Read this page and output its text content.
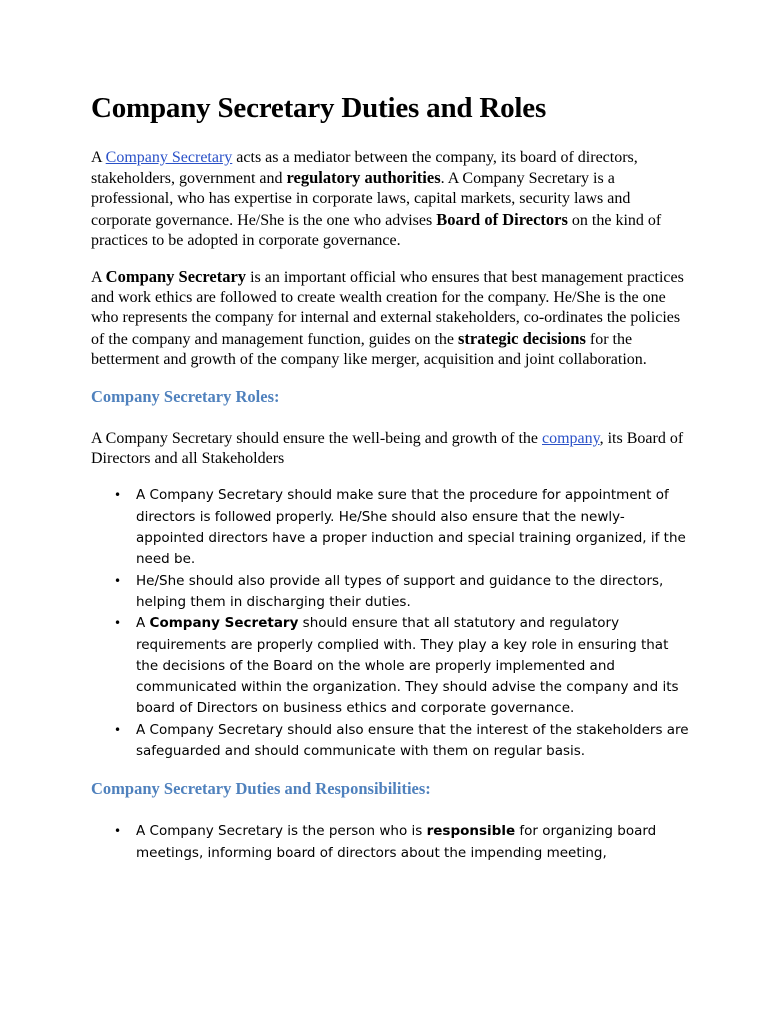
Company Secretary Duties and Roles

A Company Secretary acts as a mediator between the company, its board of directors, stakeholders, government and regulatory authorities. A Company Secretary is a professional, who has expertise in corporate laws, capital markets, security laws and corporate governance. He/She is the one who advises Board of Directors on the kind of practices to be adopted in corporate governance.

A Company Secretary is an important official who ensures that best management practices and work ethics are followed to create wealth creation for the company. He/She is the one who represents the company for internal and external stakeholders, co-ordinates the policies of the company and management function, guides on the strategic decisions for the betterment and growth of the company like merger, acquisition and joint collaboration.

Company Secretary Roles:

A Company Secretary should ensure the well-being and growth of the company, its Board of Directors and all Stakeholders

• A Company Secretary should make sure that the procedure for appointment of directors is followed properly. He/She should also ensure that the newly-appointed directors have a proper induction and special training organized, if the need be.
• He/She should also provide all types of support and guidance to the directors, helping them in discharging their duties.
• A Company Secretary should ensure that all statutory and regulatory requirements are properly complied with. They play a key role in ensuring that the decisions of the Board on the whole are properly implemented and communicated within the organization. They should advise the company and its board of Directors on business ethics and corporate governance.
• A Company Secretary should also ensure that the interest of the stakeholders are safeguarded and should communicate with them on regular basis.
Company Secretary Duties and Responsibilities:
• A Company Secretary is the person who is responsible for organizing board meetings, informing board of directors about the impending meeting,
